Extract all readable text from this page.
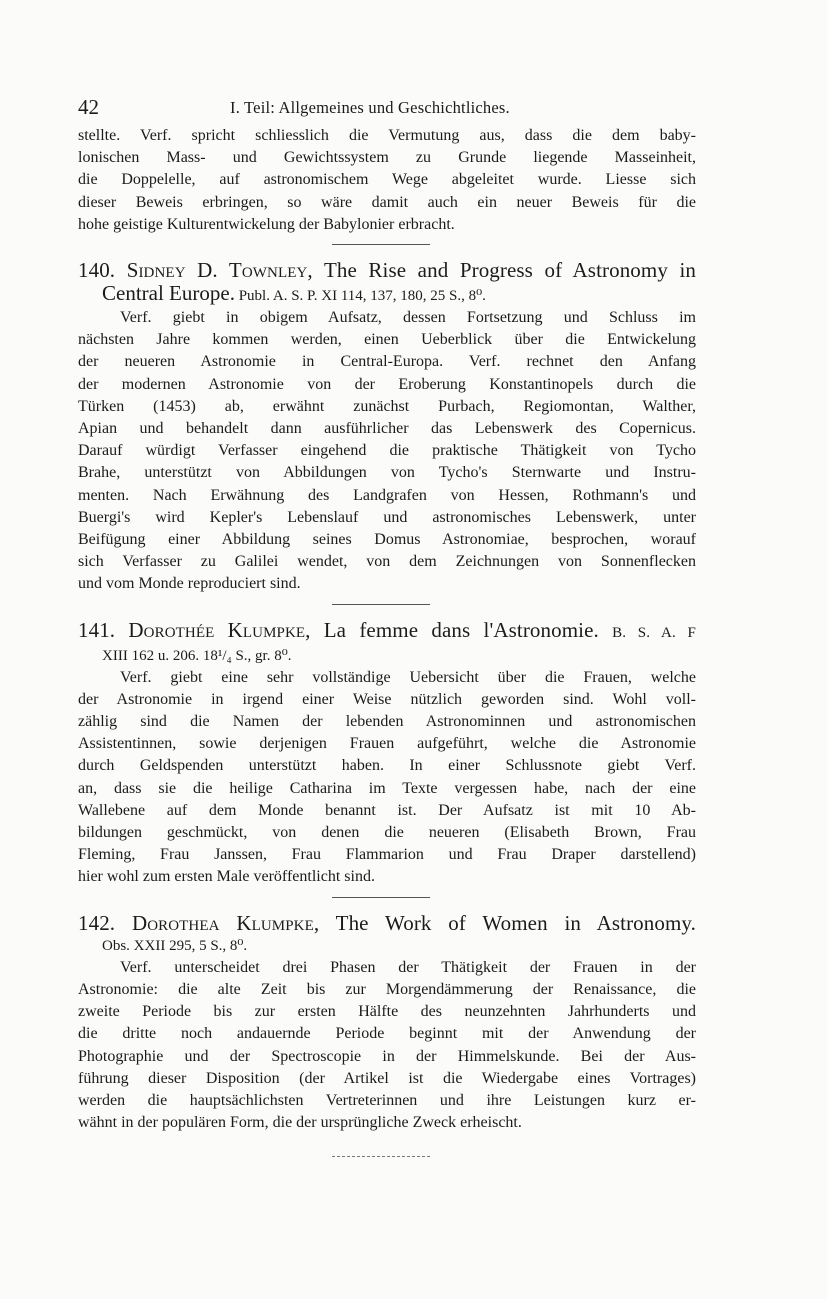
42	I. Teil: Allgemeines und Geschichtliches.

stellte. Verf. spricht schliesslich die Vermutung aus, dass die dem baby-

lonischen Mass- und Gewichtssystem zu Grunde liegende Masseinheit,

die Doppelelle, auf astronomischem Wege abgeleitet wurde. Liesse sich

dieser Beweis erbringen, so wäre damit auch ein neuer Beweis für die

hohe geistige Kulturentwickelung der Babylonier erbracht.

140. Sidney D. Townley, The Rise and Progress of Astronomy in

Central Europe. Publ. A. S. P. XI 114, 137, 180, 25 S., 8⁰.

Verf. giebt in obigem Aufsatz, dessen Fortsetzung und Schluss im

nächsten Jahre kommen werden, einen Ueberblick über die Entwickelung

der neueren Astronomie in Central-Europa. Verf. rechnet den Anfang

der modernen Astronomie von der Eroberung Konstantinopels durch die

Türken (1453) ab, erwähnt zunächst Purbach, Regiomontan, Walther,

Apian und behandelt dann ausführlicher das Lebenswerk des Copernicus.

Darauf würdigt Verfasser eingehend die praktische Thätigkeit von Tycho

Brahe, unterstützt von Abbildungen von Tycho's Sternwarte und Instru-

menten. Nach Erwähnung des Landgrafen von Hessen, Rothmann's und

Buergi's wird Kepler's Lebenslauf und astronomisches Lebenswerk, unter

Beifügung einer Abbildung seines Domus Astronomiae, besprochen, worauf

sich Verfasser zu Galilei wendet, von dem Zeichnungen von Sonnenflecken

und vom Monde reproduciert sind.

141. Dorothée Klumpke, La femme dans l'Astronomie. B. S. A. F

XIII 162 u. 206. 18¹/₄ S., gr. 8⁰.

Verf. giebt eine sehr vollständige Uebersicht über die Frauen, welche

der Astronomie in irgend einer Weise nützlich geworden sind. Wohl voll-

zählig sind die Namen der lebenden Astronominnen und astronomischen

Assistentinnen, sowie derjenigen Frauen aufgeführt, welche die Astronomie

durch Geldspenden unterstützt haben. In einer Schlussnote giebt Verf.

an, dass sie die heilige Catharina im Texte vergessen habe, nach der eine

Wallebene auf dem Monde benannt ist. Der Aufsatz ist mit 10 Ab-

bildungen geschmückt, von denen die neueren (Elisabeth Brown, Frau

Fleming, Frau Janssen, Frau Flammarion und Frau Draper darstellend)

hier wohl zum ersten Male veröffentlicht sind.

142. Dorothea Klumpke, The Work of Women in Astronomy.

Obs. XXII 295, 5 S., 8⁰.

Verf. unterscheidet drei Phasen der Thätigkeit der Frauen in der

Astronomie: die alte Zeit bis zur Morgendämmerung der Renaissance, die

zweite Periode bis zur ersten Hälfte des neunzehnten Jahrhunderts und

die dritte noch andauernde Periode beginnt mit der Anwendung der

Photographie und der Spectroscopie in der Himmelskunde. Bei der Aus-

führung dieser Disposition (der Artikel ist die Wiedergabe eines Vortrages)

werden die hauptsächlichsten Vertreterinnen und ihre Leistungen kurz er-

wähnt in der populären Form, die der ursprüngliche Zweck erheischt.
